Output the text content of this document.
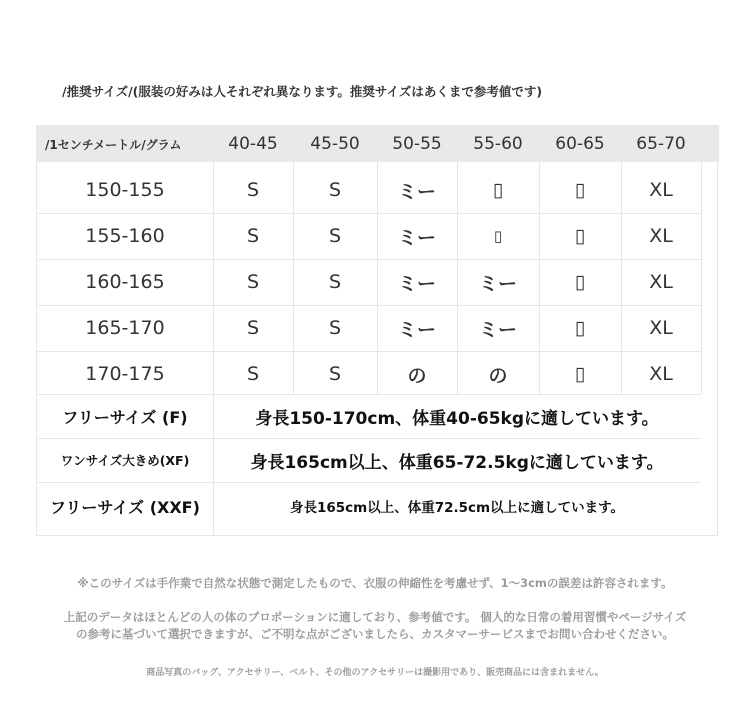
/推奨サイズ/(服装の好みは人それぞれ異なります。推奨サイズはあくまで参考値です)
/1センチメートル/グラム	40-45	45-50	50-55	55-60	60-65	65-70
150-155	S	S	ミー	▯	▯	XL
155-160	S	S	ミー	▯	▯	XL
160-165	S	S	ミー	ミー	▯	XL
165-170	S	S	ミー	ミー	▯	XL
170-175	S	S	の	の	▯	XL
フリーサイズ (F)	身長150-170cm、体重40-65kgに適しています。
ワンサイズ大きめ(XF)	身長165cm以上、体重65-72.5kgに適しています。
フリーサイズ (XXF)	身長165cm以上、体重72.5cm以上に適しています。
※このサイズは手作業で自然な状態で測定したもので、衣服の伸縮性を考慮せず、1～3cmの誤差は許容されます。
上記のデータはほとんどの人の体のプロポーションに適しており、参考値です。 個人的な日常の着用習慣やページサイズ
の参考に基づいて選択できますが、ご不明な点がございましたら、カスタマーサービスまでお問い合わせください。
商品写真のバッグ、アクセサリー、ベルト、その他のアクセサリーは撮影用であり、販売商品には含まれません。
